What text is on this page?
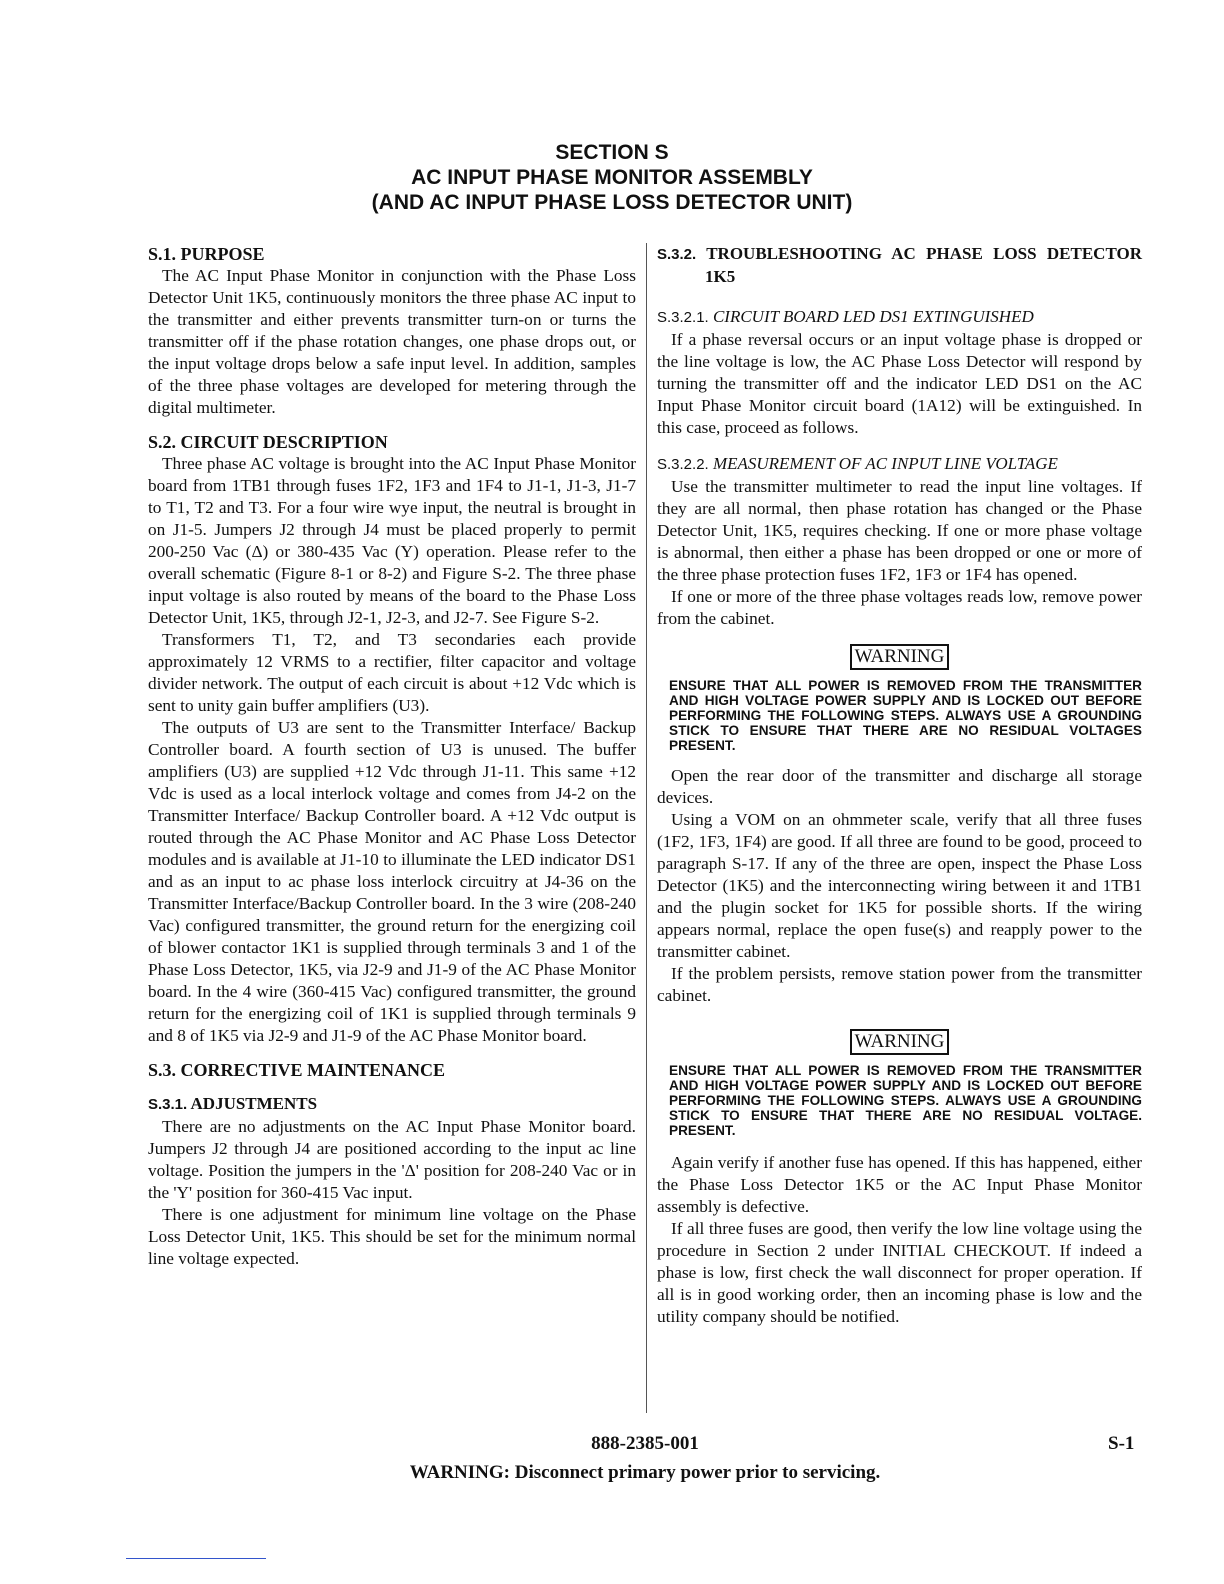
SECTION S
AC INPUT PHASE MONITOR ASSEMBLY
(AND AC INPUT PHASE LOSS DETECTOR UNIT)
S.1. PURPOSE

The AC Input Phase Monitor in conjunction with the Phase Loss Detector Unit 1K5, continuously monitors the three phase AC input to the transmitter and either prevents transmitter turn-on or turns the transmitter off if the phase rotation changes, one phase drops out, or the input voltage drops below a safe input level. In addition, samples of the three phase voltages are developed for metering through the digital multimeter.

S.2. CIRCUIT DESCRIPTION

Three phase AC voltage is brought into the AC Input Phase Monitor board from 1TB1 through fuses 1F2, 1F3 and 1F4 to J1-1, J1-3, J1-7 to T1, T2 and T3. For a four wire wye input, the neutral is brought in on J1-5. Jumpers J2 through J4 must be placed properly to permit 200-250 Vac (Δ) or 380-435 Vac (Y) operation. Please refer to the overall schematic (Figure 8-1 or 8-2) and Figure S-2. The three phase input voltage is also routed by means of the board to the Phase Loss Detector Unit, 1K5, through J2-1, J2-3, and J2-7. See Figure S-2.

Transformers T1, T2, and T3 secondaries each provide approximately 12 VRMS to a rectifier, filter capacitor and voltage divider network. The output of each circuit is about +12 Vdc which is sent to unity gain buffer amplifiers (U3).

The outputs of U3 are sent to the Transmitter Interface/ Backup Controller board. A fourth section of U3 is unused. The buffer amplifiers (U3) are supplied +12 Vdc through J1-11. This same +12 Vdc is used as a local interlock voltage and comes from J4-2 on the Transmitter Interface/ Backup Controller board. A +12 Vdc output is routed through the AC Phase Monitor and AC Phase Loss Detector modules and is available at J1-10 to illuminate the LED indicator DS1 and as an input to ac phase loss interlock circuitry at J4-36 on the Transmitter Interface/Backup Controller board. In the 3 wire (208-240 Vac) configured transmitter, the ground return for the energizing coil of blower contactor 1K1 is supplied through terminals 3 and 1 of the Phase Loss Detector, 1K5, via J2-9 and J1-9 of the AC Phase Monitor board. In the 4 wire (360-415 Vac) configured transmitter, the ground return for the energizing coil of 1K1 is supplied through terminals 9 and 8 of 1K5 via J2-9 and J1-9 of the AC Phase Monitor board.

S.3. CORRECTIVE MAINTENANCE
S.3.1. ADJUSTMENTS

There are no adjustments on the AC Input Phase Monitor board. Jumpers J2 through J4 are positioned according to the input ac line voltage. Position the jumpers in the 'Δ' position for 208-240 Vac or in the 'Y' position for 360-415 Vac input.

There is one adjustment for minimum line voltage on the Phase Loss Detector Unit, 1K5. This should be set for the minimum normal line voltage expected.

S.3.2. TROUBLESHOOTING AC PHASE LOSS DETECTOR 1K5
S.3.2.1. CIRCUIT BOARD LED DS1 EXTINGUISHED

If a phase reversal occurs or an input voltage phase is dropped or the line voltage is low, the AC Phase Loss Detector will respond by turning the transmitter off and the indicator LED DS1 on the AC Input Phase Monitor circuit board (1A12) will be extinguished. In this case, proceed as follows.

S.3.2.2. MEASUREMENT OF AC INPUT LINE VOLTAGE

Use the transmitter multimeter to read the input line voltages. If they are all normal, then phase rotation has changed or the Phase Detector Unit, 1K5, requires checking. If one or more phase voltage is abnormal, then either a phase has been dropped or one or more of the three phase protection fuses 1F2, 1F3 or 1F4 has opened.

If one or more of the three phase voltages reads low, remove power from the cabinet.

WARNING
ENSURE THAT ALL POWER IS REMOVED FROM THE TRANSMITTER AND HIGH VOLTAGE POWER SUPPLY AND IS LOCKED OUT BEFORE PERFORMING THE FOLLOWING STEPS. ALWAYS USE A GROUNDING STICK TO ENSURE THAT THERE ARE NO RESIDUAL VOLTAGES PRESENT.

Open the rear door of the transmitter and discharge all storage devices.

Using a VOM on an ohmmeter scale, verify that all three fuses (1F2, 1F3, 1F4) are good. If all three are found to be good, proceed to paragraph S-17. If any of the three are open, inspect the Phase Loss Detector (1K5) and the interconnecting wiring between it and 1TB1 and the plugin socket for 1K5 for possible shorts. If the wiring appears normal, replace the open fuse(s) and reapply power to the transmitter cabinet.

If the problem persists, remove station power from the transmitter cabinet.

WARNING
ENSURE THAT ALL POWER IS REMOVED FROM THE TRANSMITTER AND HIGH VOLTAGE POWER SUPPLY AND IS LOCKED OUT BEFORE PERFORMING THE FOLLOWING STEPS. ALWAYS USE A GROUNDING STICK TO ENSURE THAT THERE ARE NO RESIDUAL VOLTAGE. PRESENT.

Again verify if another fuse has opened. If this has happened, either the Phase Loss Detector 1K5 or the AC Input Phase Monitor assembly is defective.

If all three fuses are good, then verify the low line voltage using the procedure in Section 2 under INITIAL CHECKOUT. If indeed a phase is low, first check the wall disconnect for proper operation. If all is in good working order, then an incoming phase is low and the utility company should be notified.

888-2385-001	S-1
WARNING: Disconnect primary power prior to servicing.
